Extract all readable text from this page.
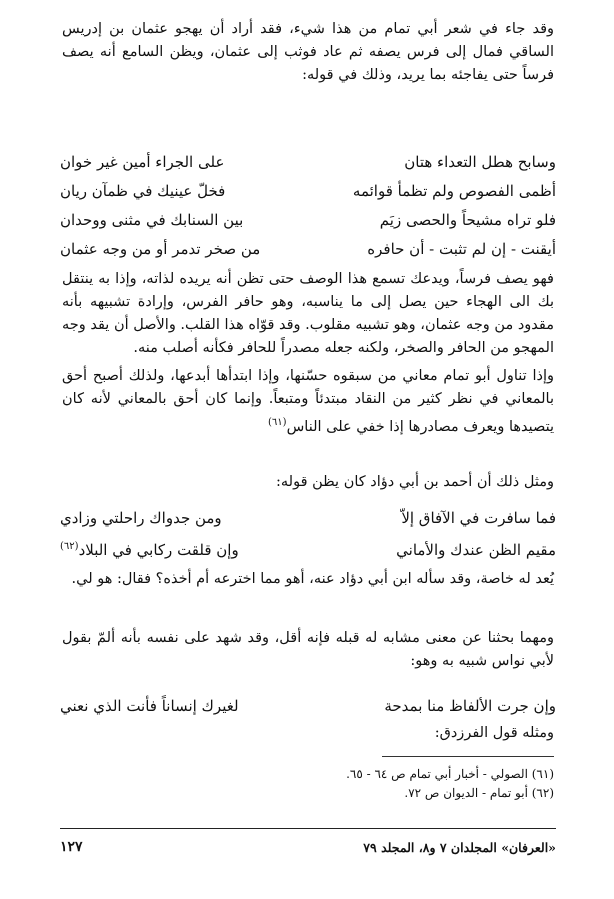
وقد جاء في شعر أبي تمام من هذا شيء، فقد أراد أن يهجو عثمان بن إدريس الساقي فمال إلى فرس يصفه ثم عاد فوثب إلى عثمان، ويظن السامع أنه يصف فرساً حتى يفاجئه بما يريد، وذلك في قوله:

وسابح هطل التعداء هتان
على الجراء أمين غير خوان
أظمى الفصوص ولم تظمأ قوائمه
فخلّ عينيك في ظمآن ريان
فلو تراه مشيحاً والحصى زيَم
بين السنابك في مثنى ووحدان
أيقنت - إن لم تثبت - أن حافره
من صخر تدمر أو من وجه عثمان

فهو يصف فرساً، ويدعك تسمع هذا الوصف حتى تظن أنه يريده لذاته، وإذا به ينتقل بك الى الهجاء حين يصل إلى ما يناسبه، وهو حافر الفرس، وإرادة تشبيهه بأنه مقدود من وجه عثمان، وهو تشبيه مقلوب. وقد قوّاه هذا القلب. والأصل أن يقد وجه المهجو من الحافر والصخر، ولكنه جعله مصدراً للحافر فكأنه أصلب منه.

وإذا تناول أبو تمام معاني من سبقوه حسّنها، وإذا ابتدأها أبدعها، ولذلك أصبح أحق بالمعاني في نظر كثير من النقاد مبتدئاً ومتبعاً. وإنما كان أحق بالمعاني لأنه كان يتصيدها ويعرف مصادرها إذا خفي على الناس$^{(٦١)}$

ومثل ذلك أن أحمد بن أبي دؤاد كان يظن قوله:

فما سافرت في الآفاق إلاّ
ومن جدواك راحلتي وزادي
مقيم الظن عندك والأماني
وإن قلقت ركابي في البلاد$^{(٦٢)}$

يُعد له خاصة، وقد سأله ابن أبي دؤاد عنه، أهو مما اخترعه أم أخذه؟ فقال: هو لي.

ومهما بحثنا عن معنى مشابه له قبله فإنه أقل، وقد شهد على نفسه بأنه ألمّ بقول لأبي نواس شبيه به وهو:

وإن جرت الألفاظ منا بمدحة
لغيرك إنساناً فأنت الذي نعني

ومثله قول الفرزدق:

(٦١) الصولي - أخبار أبي تمام ص ٦٤ - ٦٥.

(٦٢) أبو تمام - الديوان ص ٧٢.

١٢٧	«العرفان» المجلدان ٧ و٨، المجلد ٧٩
